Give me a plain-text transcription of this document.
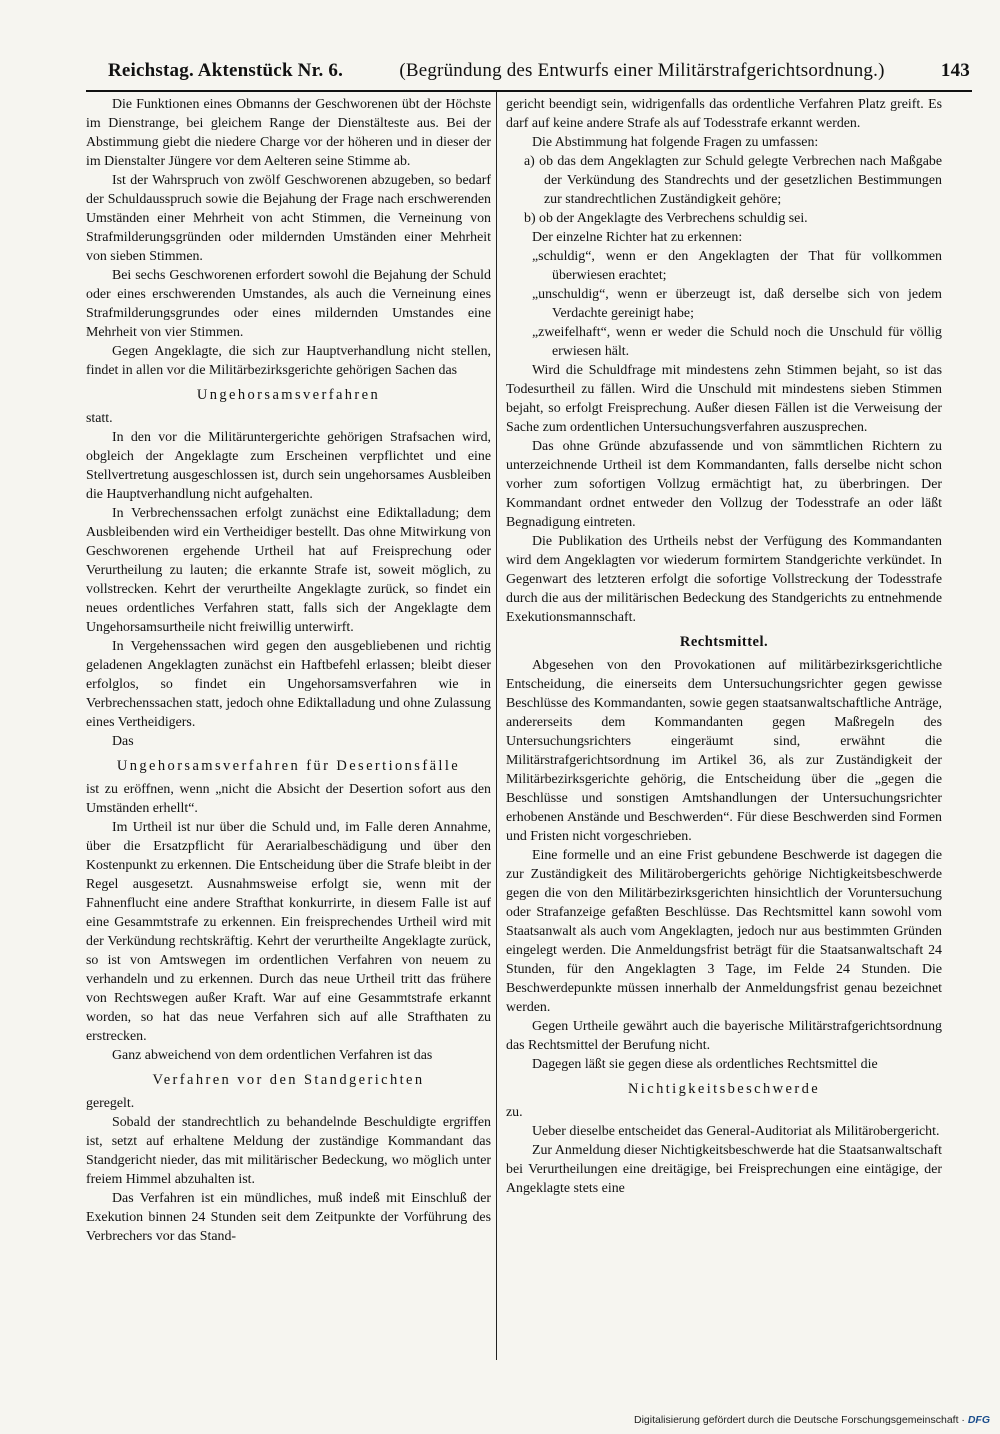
Reichstag. Aktenstück Nr. 6.	(Begründung des Entwurfs einer Militärstrafgerichtsordnung.)	143

Die Funktionen eines Obmanns der Geschworenen übt der Höchste im Dienstrange, bei gleichem Range der Dienstälteste aus. Bei der Abstimmung giebt die niedere Charge vor der höheren und in dieser der im Dienstalter Jüngere vor dem Aelteren seine Stimme ab.

Ist der Wahrspruch von zwölf Geschworenen abzugeben, so bedarf der Schuldausspruch sowie die Bejahung der Frage nach erschwerenden Umständen einer Mehrheit von acht Stimmen, die Verneinung von Strafmilderungsgründen oder mildernden Umständen einer Mehrheit von sieben Stimmen.

Bei sechs Geschworenen erfordert sowohl die Bejahung der Schuld oder eines erschwerenden Umstandes, als auch die Verneinung eines Strafmilderungsgrundes oder eines mildernden Umstandes eine Mehrheit von vier Stimmen.

Gegen Angeklagte, die sich zur Hauptverhandlung nicht stellen, findet in allen vor die Militärbezirksgerichte gehörigen Sachen das

Ungehorsamsverfahren

statt.

In den vor die Militäruntergerichte gehörigen Strafsachen wird, obgleich der Angeklagte zum Erscheinen verpflichtet und eine Stellvertretung ausgeschlossen ist, durch sein ungehorsames Ausbleiben die Hauptverhandlung nicht aufgehalten.

In Verbrechenssachen erfolgt zunächst eine Ediktalladung; dem Ausbleibenden wird ein Vertheidiger bestellt. Das ohne Mitwirkung von Geschworenen ergehende Urtheil hat auf Freisprechung oder Verurtheilung zu lauten; die erkannte Strafe ist, soweit möglich, zu vollstrecken. Kehrt der verurtheilte Angeklagte zurück, so findet ein neues ordentliches Verfahren statt, falls sich der Angeklagte dem Ungehorsamsurtheile nicht freiwillig unterwirft.

In Vergehenssachen wird gegen den ausgebliebenen und richtig geladenen Angeklagten zunächst ein Haftbefehl erlassen; bleibt dieser erfolglos, so findet ein Ungehorsamsverfahren wie in Verbrechenssachen statt, jedoch ohne Ediktalladung und ohne Zulassung eines Vertheidigers.

Das

Ungehorsamsverfahren für Desertionsfälle

ist zu eröffnen, wenn „nicht die Absicht der Desertion sofort aus den Umständen erhellt“.

Im Urtheil ist nur über die Schuld und, im Falle deren Annahme, über die Ersatzpflicht für Aerarialbeschädigung und über den Kostenpunkt zu erkennen. Die Entscheidung über die Strafe bleibt in der Regel ausgesetzt. Ausnahmsweise erfolgt sie, wenn mit der Fahnenflucht eine andere Strafthat konkurrirte, in diesem Falle ist auf eine Gesammtstrafe zu erkennen. Ein freisprechendes Urtheil wird mit der Verkündung rechtskräftig. Kehrt der verurtheilte Angeklagte zurück, so ist von Amtswegen im ordentlichen Verfahren von neuem zu verhandeln und zu erkennen. Durch das neue Urtheil tritt das frühere von Rechtswegen außer Kraft. War auf eine Gesammtstrafe erkannt worden, so hat das neue Verfahren sich auf alle Strafthaten zu erstrecken.

Ganz abweichend von dem ordentlichen Verfahren ist das

Verfahren vor den Standgerichten

geregelt.

Sobald der standrechtlich zu behandelnde Beschuldigte ergriffen ist, setzt auf erhaltene Meldung der zuständige Kommandant das Standgericht nieder, das mit militärischer Bedeckung, wo möglich unter freiem Himmel abzuhalten ist.

Das Verfahren ist ein mündliches, muß indeß mit Einschluß der Exekution binnen 24 Stunden seit dem Zeitpunkte der Vorführung des Verbrechers vor das Stand-

gericht beendigt sein, widrigenfalls das ordentliche Verfahren Platz greift. Es darf auf keine andere Strafe als auf Todesstrafe erkannt werden.

Die Abstimmung hat folgende Fragen zu umfassen:

a) ob das dem Angeklagten zur Schuld gelegte Verbrechen nach Maßgabe der Verkündung des Standrechts und der gesetzlichen Bestimmungen zur standrechtlichen Zuständigkeit gehöre;

b) ob der Angeklagte des Verbrechens schuldig sei.

Der einzelne Richter hat zu erkennen:

„schuldig“, wenn er den Angeklagten der That für vollkommen überwiesen erachtet;

„unschuldig“, wenn er überzeugt ist, daß derselbe sich von jedem Verdachte gereinigt habe;

„zweifelhaft“, wenn er weder die Schuld noch die Unschuld für völlig erwiesen hält.

Wird die Schuldfrage mit mindestens zehn Stimmen bejaht, so ist das Todesurtheil zu fällen. Wird die Unschuld mit mindestens sieben Stimmen bejaht, so erfolgt Freisprechung. Außer diesen Fällen ist die Verweisung der Sache zum ordentlichen Untersuchungsverfahren auszusprechen.

Das ohne Gründe abzufassende und von sämmtlichen Richtern zu unterzeichnende Urtheil ist dem Kommandanten, falls derselbe nicht schon vorher zum sofortigen Vollzug ermächtigt hat, zu überbringen. Der Kommandant ordnet entweder den Vollzug der Todesstrafe an oder läßt Begnadigung eintreten.

Die Publikation des Urtheils nebst der Verfügung des Kommandanten wird dem Angeklagten vor wiederum formirtem Standgerichte verkündet. In Gegenwart des letzteren erfolgt die sofortige Vollstreckung der Todesstrafe durch die aus der militärischen Bedeckung des Standgerichts zu entnehmende Exekutionsmannschaft.

Rechtsmittel.

Abgesehen von den Provokationen auf militärbezirksgerichtliche Entscheidung, die einerseits dem Untersuchungsrichter gegen gewisse Beschlüsse des Kommandanten, sowie gegen staatsanwaltschaftliche Anträge, andererseits dem Kommandanten gegen Maßregeln des Untersuchungsrichters eingeräumt sind, erwähnt die Militärstrafgerichtsordnung im Artikel 36, als zur Zuständigkeit der Militärbezirksgerichte gehörig, die Entscheidung über die „gegen die Beschlüsse und sonstigen Amtshandlungen der Untersuchungsrichter erhobenen Anstände und Beschwerden“. Für diese Beschwerden sind Formen und Fristen nicht vorgeschrieben.

Eine formelle und an eine Frist gebundene Beschwerde ist dagegen die zur Zuständigkeit des Militärobergerichts gehörige Nichtigkeitsbeschwerde gegen die von den Militärbezirksgerichten hinsichtlich der Voruntersuchung oder Strafanzeige gefaßten Beschlüsse. Das Rechtsmittel kann sowohl vom Staatsanwalt als auch vom Angeklagten, jedoch nur aus bestimmten Gründen eingelegt werden. Die Anmeldungsfrist beträgt für die Staatsanwaltschaft 24 Stunden, für den Angeklagten 3 Tage, im Felde 24 Stunden. Die Beschwerdepunkte müssen innerhalb der Anmeldungsfrist genau bezeichnet werden.

Gegen Urtheile gewährt auch die bayerische Militärstrafgerichtsordnung das Rechtsmittel der Berufung nicht.

Dagegen läßt sie gegen diese als ordentliches Rechtsmittel die

Nichtigkeitsbeschwerde

zu.

Ueber dieselbe entscheidet das General-Auditoriat als Militärobergericht.

Zur Anmeldung dieser Nichtigkeitsbeschwerde hat die Staatsanwaltschaft bei Verurtheilungen eine dreitägige, bei Freisprechungen eine eintägige, der Angeklagte stets eine

Digitalisierung gefördert durch die Deutsche Forschungsgemeinschaft · DFG
